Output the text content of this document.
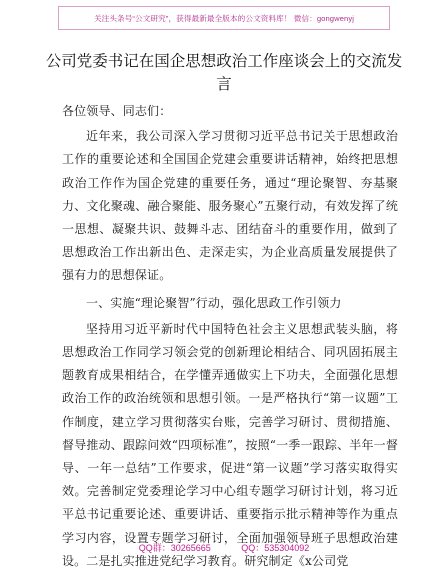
关注头条号“公文研究”，获得最新最全版本的公文资料库！ 微信：gongwenyj
公司党委书记在国企思想政治工作座谈会上的交流发言

各位领导、同志们：

近年来，我公司深入学习贯彻习近平总书记关于思想政治工作的重要论述和全国国企党建会重要讲话精神，始终把思想政治工作作为国企党建的重要任务，通过“理论聚智、夯基聚力、文化聚魂、融合聚能、服务聚心”五聚行动，有效发挥了统一思想、凝聚共识、鼓舞斗志、团结奋斗的重要作用，做到了思想政治工作出新出色、走深走实，为企业高质量发展提供了强有力的思想保证。

一、实施“理论聚智”行动，强化思政工作引领力

坚持用习近平新时代中国特色社会主义思想武装头脑，将思想政治工作同学习领会党的创新理论相结合、同巩固拓展主题教育成果相结合，在学懂弄通做实上下功夫，全面强化思想政治工作的政治统领和思想引领。一是严格执行“第一议题”工作制度，建立学习贯彻落实台账，完善学习研讨、贯彻措施、督导推动、跟踪问效“四项标准”，按照“一季一跟踪、半年一督导、一年一总结”工作要求，促进“第一议题”学习落实取得实效。完善制定党委理论学习中心组专题学习研讨计划，将习近平总书记重要论述、重要讲话、重要指示批示精神等作为重点学习内容，设置专题学习研讨，全面加强领导班子思想政治建设。二是扎实推进党纪学习教育。研究制定《x公司党

QQ群：30265665	QQ：535304092
